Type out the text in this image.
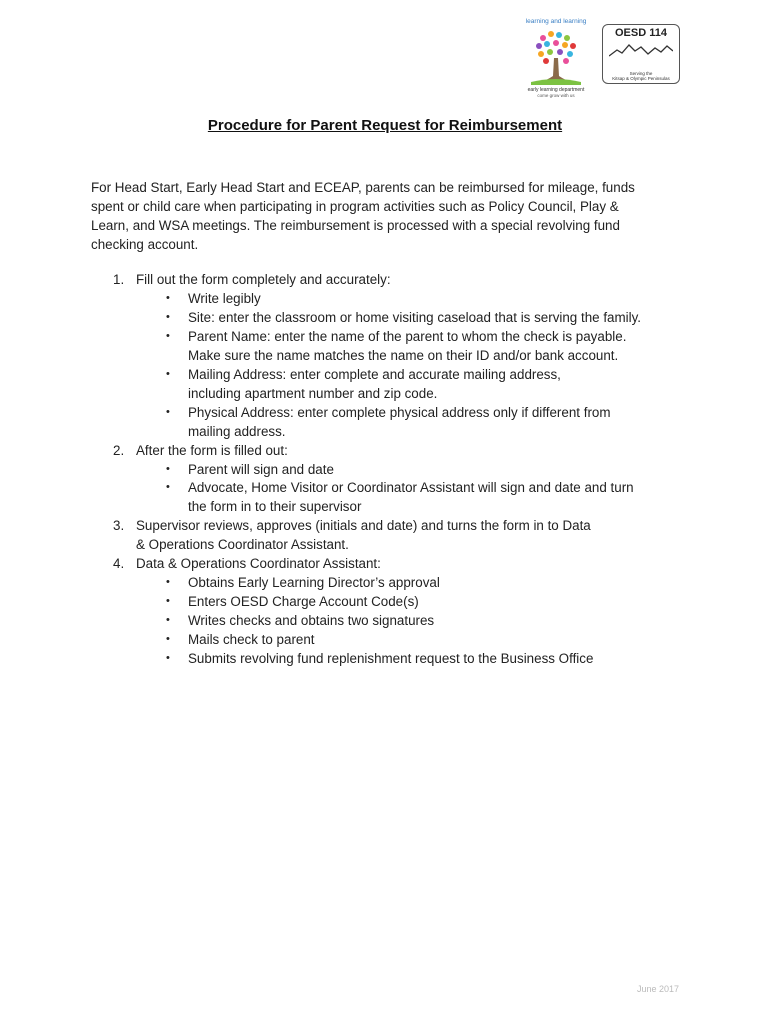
learning and learning
early learning department
come grow with us
OESD 114
Serving the
Kitsap & Olympic Peninsulas
Procedure for Parent Request for Reimbursement
For Head Start, Early Head Start and ECEAP, parents can be reimbursed for mileage, funds spent or child care when participating in program activities such as Policy Council, Play & Learn, and WSA meetings. The reimbursement is processed with a special revolving fund checking account.
1. Fill out the form completely and accurately:
• Write legibly
• Site: enter the classroom or home visiting caseload that is serving the family.
• Parent Name: enter the name of the parent to whom the check is payable.
Make sure the name matches the name on their ID and/or bank account.
• Mailing Address: enter complete and accurate mailing address,
including apartment number and zip code.
• Physical Address: enter complete physical address only if different from
mailing address.
2. After the form is filled out:
• Parent will sign and date
• Advocate, Home Visitor or Coordinator Assistant will sign and date and turn
the form in to their supervisor
3. Supervisor reviews, approves (initials and date) and turns the form in to Data
& Operations Coordinator Assistant.
4. Data & Operations Coordinator Assistant:
• Obtains Early Learning Director’s approval
• Enters OESD Charge Account Code(s)
• Writes checks and obtains two signatures
• Mails check to parent
• Submits revolving fund replenishment request to the Business Office
June 2017
